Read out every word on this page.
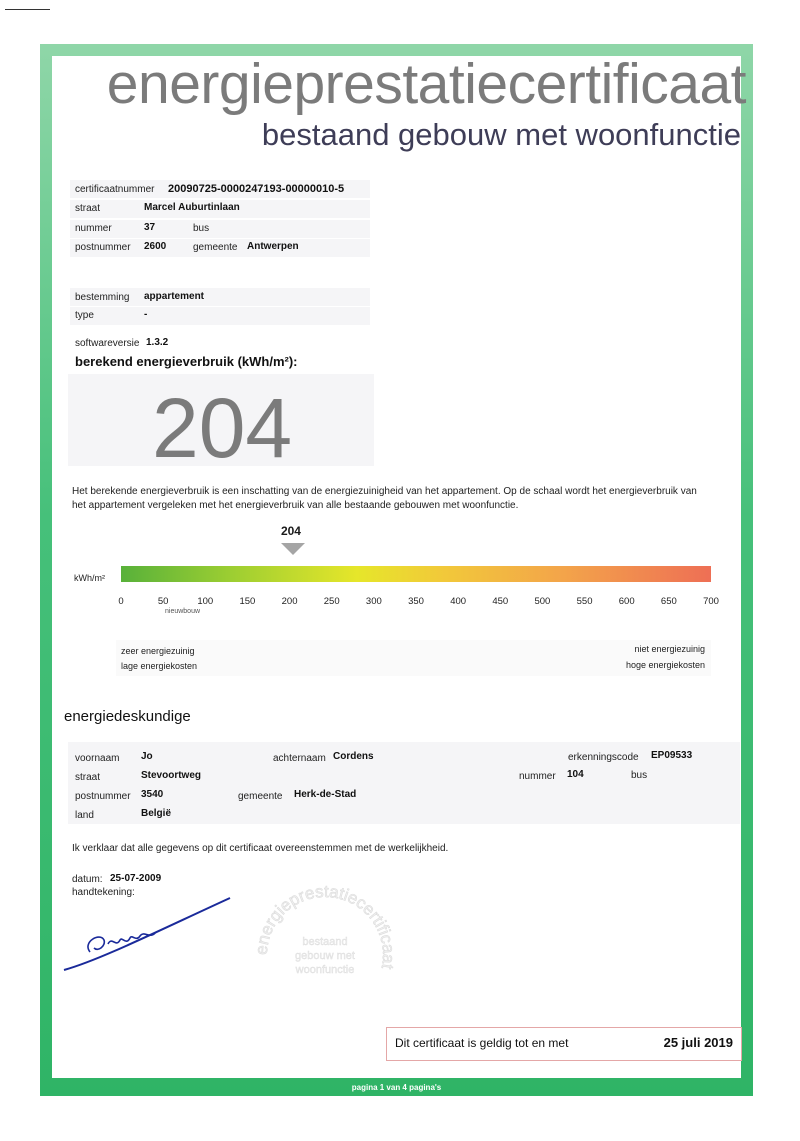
pagina 1 van 4 pagina's
energieprestatiecertificaat
bestaand gebouw met woonfunctie
certificaatnummer 20090725-0000247193-00000010-5
straat	Marcel Auburtinlaan
nummer	37	bus
postnummer 2600	gemeente Antwerpen
bestemming appartement
type	-
softwareversie 1.3.2
berekend energieverbruik (kWh/m²):
204
Het berekende energieverbruik is een inschatting van de energiezuinigheid van het appartement. Op de schaal wordt het energieverbruik van het appartement vergeleken met het energieverbruik van alle bestaande gebouwen met woonfunctie.
204
kWh/m²
0	50	100	150	200	250	300	350	400	450	500	550	600	650	700
nieuwbouw
zeer energiezuinig
lage energiekosten
niet energiezuinig
hoge energiekosten
energiedeskundige
voornaam Jo	achternaam Cordens	erkenningscode EP09533
straat	Stevoortweg	nummer 104	bus
postnummer 3540	gemeente Herk-de-Stad
land	België
Ik verklaar dat alle gegevens op dit certificaat overeenstemmen met de werkelijkheid.
datum: 25-07-2009
handtekening:
energieprestatiecertificaat
bestaand
gebouw met
woonfunctie
Dit certificaat is geldig tot en met	25 juli 2019
